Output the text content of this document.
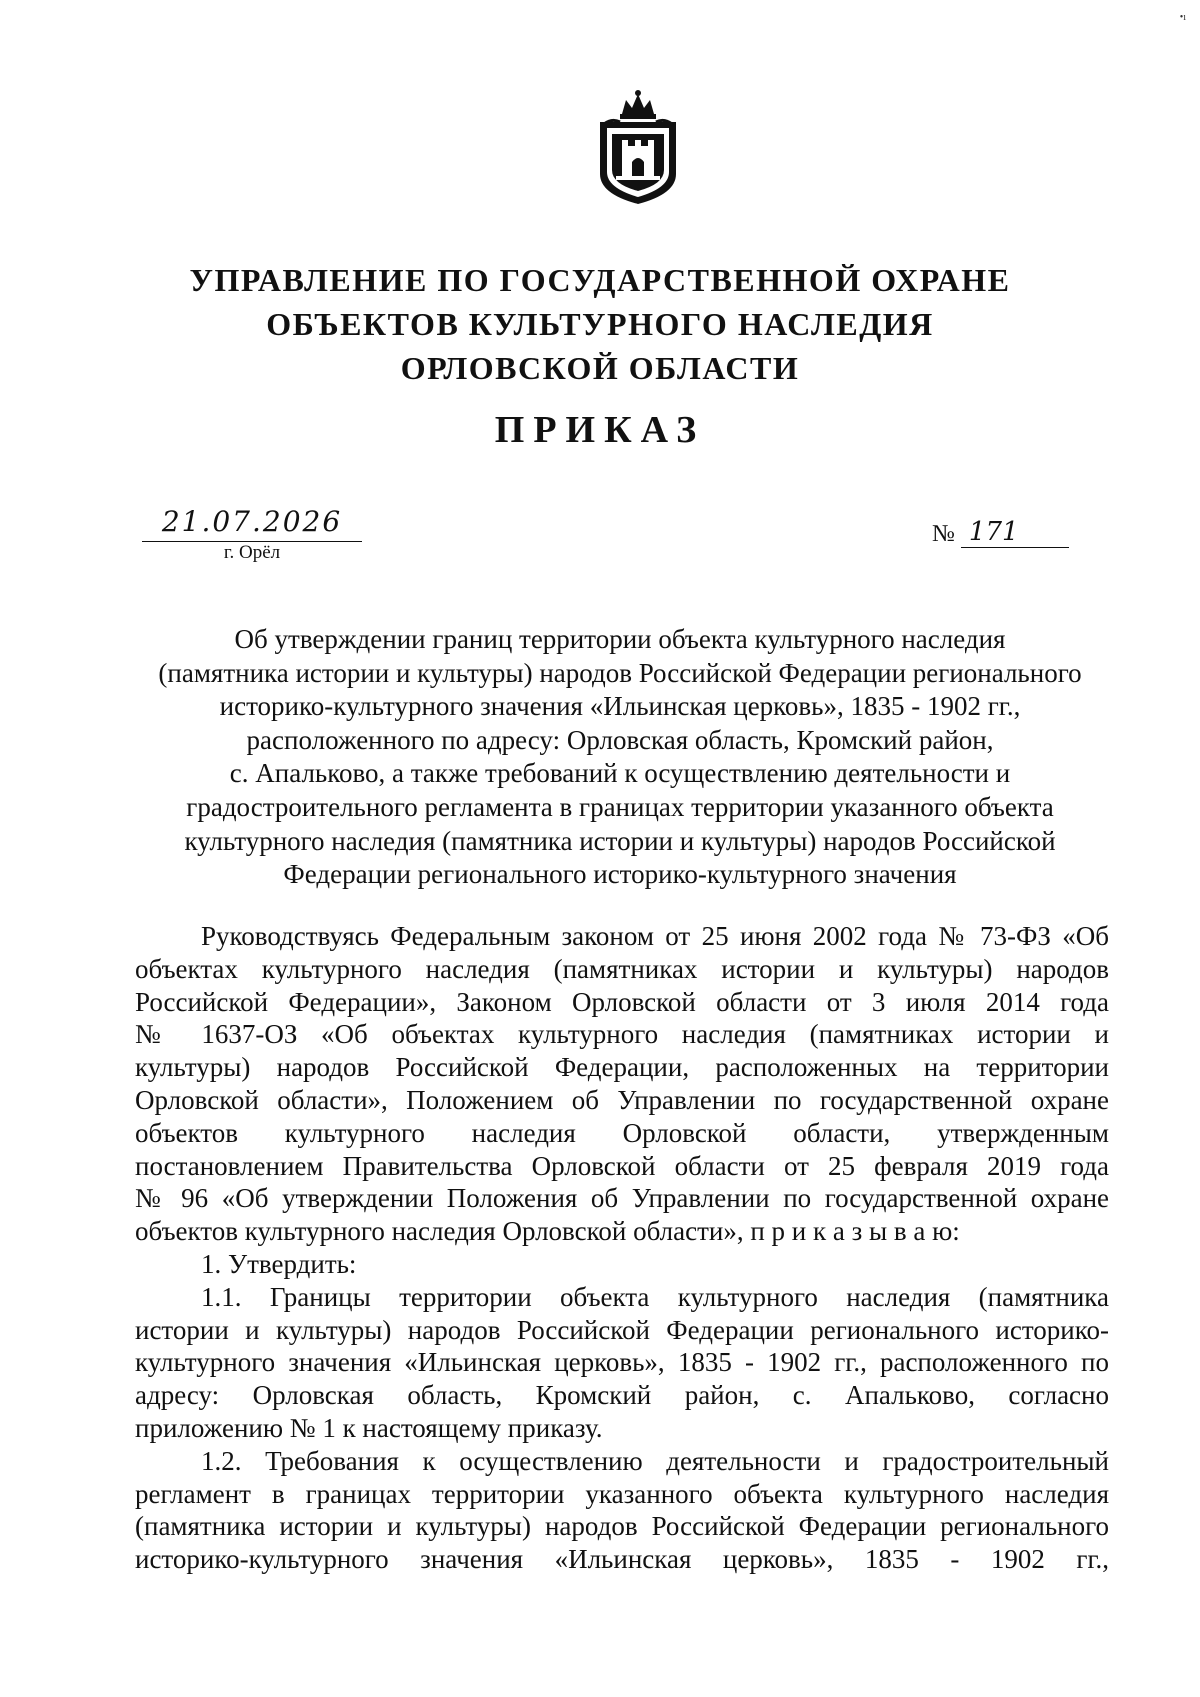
•ı
УПРАВЛЕНИЕ ПО ГОСУДАРСТВЕННОЙ ОХРАНЕ
ОБЪЕКТОВ КУЛЬТУРНОГО НАСЛЕДИЯ
ОРЛОВСКОЙ ОБЛАСТИ
ПРИКАЗ
21.07.2026
г. Орёл
№ 171
Об утверждении границ территории объекта культурного наследия
(памятника истории и культуры) народов Российской Федерации регионального
историко-культурного значения «Ильинская церковь», 1835 - 1902 гг.,
расположенного по адресу: Орловская область, Кромский район,
с. Апальково, а также требований к осуществлению деятельности и
градостроительного регламента в границах территории указанного объекта
культурного наследия (памятника истории и культуры) народов Российской
Федерации регионального историко-культурного значения
Руководствуясь Федеральным законом от 25 июня 2002 года № 73-ФЗ «Об
объектах культурного наследия (памятниках истории и культуры) народов
Российской Федерации», Законом Орловской области от 3 июля 2014 года
№ 1637-ОЗ «Об объектах культурного наследия (памятниках истории и
культуры) народов Российской Федерации, расположенных на территории
Орловской области», Положением об Управлении по государственной охране
объектов культурного наследия Орловской области, утвержденным
постановлением Правительства Орловской области от 25 февраля 2019 года
№ 96 «Об утверждении Положения об Управлении по государственной охране
объектов культурного наследия Орловской области», п р и к а з ы в а ю:
1. Утвердить:
1.1. Границы территории объекта культурного наследия (памятника
истории и культуры) народов Российской Федерации регионального историко-
культурного значения «Ильинская церковь», 1835 - 1902 гг., расположенного по
адресу: Орловская область, Кромский район, с. Апальково, согласно
приложению № 1 к настоящему приказу.
1.2. Требования к осуществлению деятельности и градостроительный
регламент в границах территории указанного объекта культурного наследия
(памятника истории и культуры) народов Российской Федерации регионального
историко-культурного значения «Ильинская церковь», 1835 - 1902 гг.,
